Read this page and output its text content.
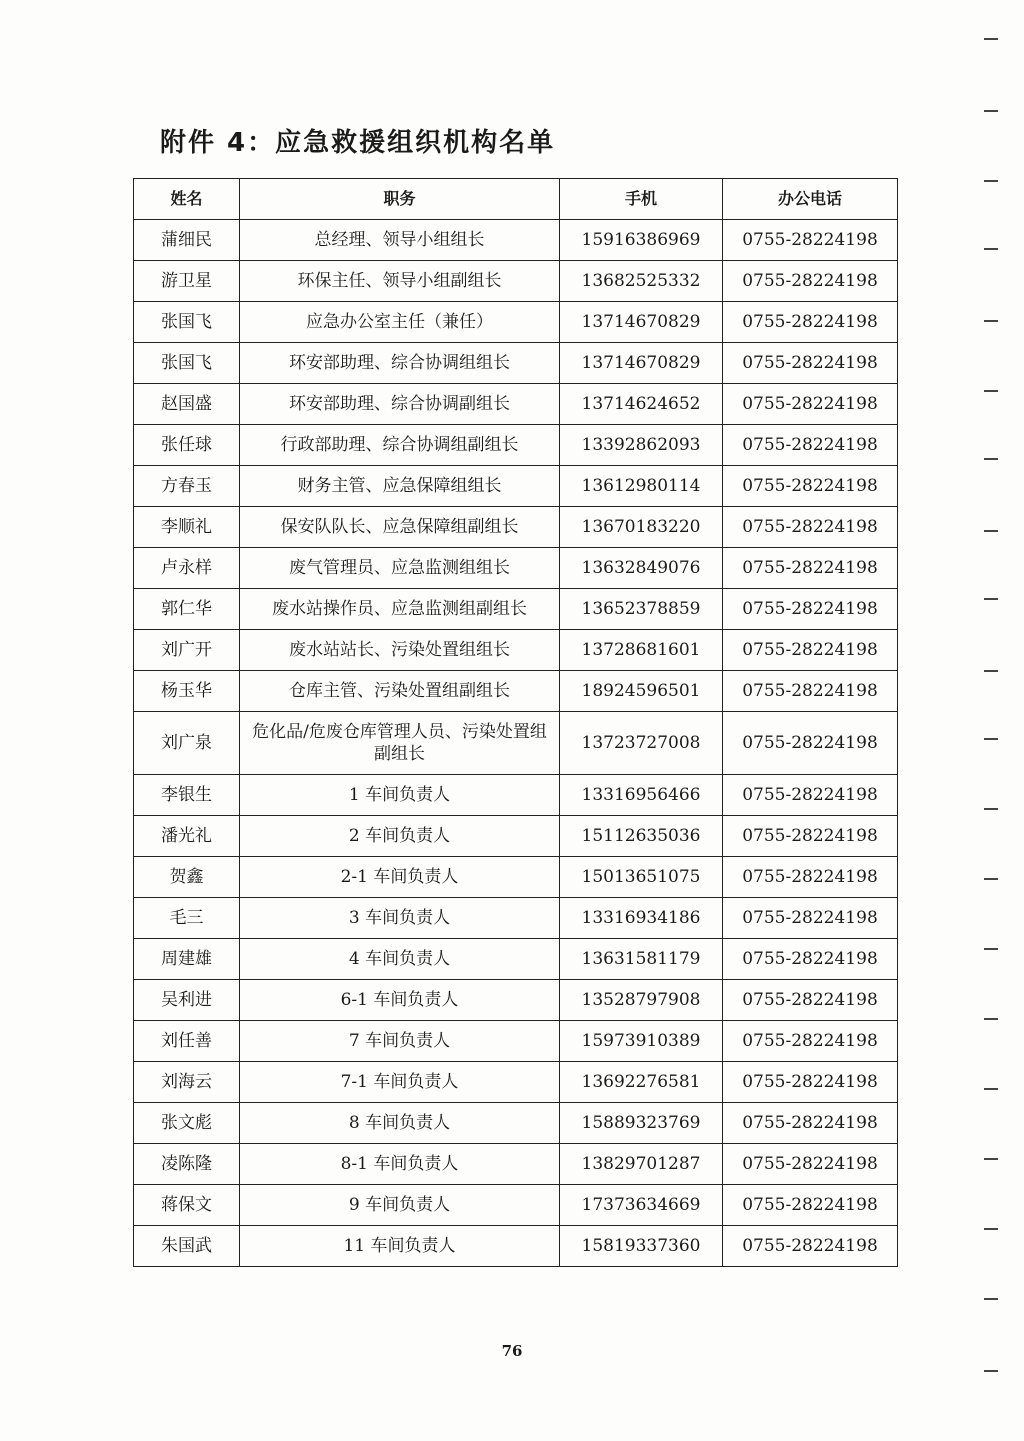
附件 4：应急救援组织机构名单
姓名	职务	手机	办公电话
蒲细民	总经理、领导小组组长	15916386969	0755-28224198
游卫星	环保主任、领导小组副组长	13682525332	0755-28224198
张国飞	应急办公室主任（兼任）	13714670829	0755-28224198
张国飞	环安部助理、综合协调组组长	13714670829	0755-28224198
赵国盛	环安部助理、综合协调副组长	13714624652	0755-28224198
张任球	行政部助理、综合协调组副组长	13392862093	0755-28224198
方春玉	财务主管、应急保障组组长	13612980114	0755-28224198
李顺礼	保安队队长、应急保障组副组长	13670183220	0755-28224198
卢永样	废气管理员、应急监测组组长	13632849076	0755-28224198
郭仁华	废水站操作员、应急监测组副组长	13652378859	0755-28224198
刘广开	废水站站长、污染处置组组长	13728681601	0755-28224198
杨玉华	仓库主管、污染处置组副组长	18924596501	0755-28224198
刘广泉	危化品/危废仓库管理人员、污染处置组副组长	13723727008	0755-28224198
李银生	1 车间负责人	13316956466	0755-28224198
潘光礼	2 车间负责人	15112635036	0755-28224198
贺鑫	2-1 车间负责人	15013651075	0755-28224198
毛三	3 车间负责人	13316934186	0755-28224198
周建雄	4 车间负责人	13631581179	0755-28224198
吴利进	6-1 车间负责人	13528797908	0755-28224198
刘任善	7 车间负责人	15973910389	0755-28224198
刘海云	7-1 车间负责人	13692276581	0755-28224198
张文彪	8 车间负责人	15889323769	0755-28224198
凌陈隆	8-1 车间负责人	13829701287	0755-28224198
蒋保文	9 车间负责人	17373634669	0755-28224198
朱国武	11 车间负责人	15819337360	0755-28224198
76
